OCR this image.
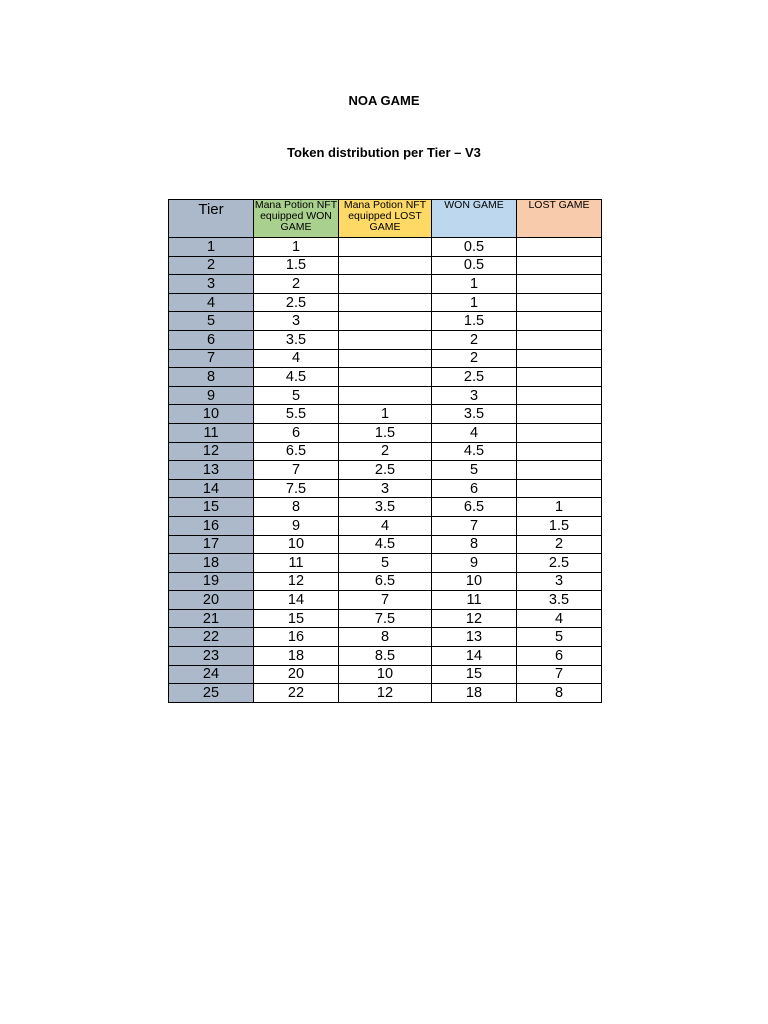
NOA GAME
Token distribution per Tier – V3
Tier	Mana Potion NFT equipped WON GAME	Mana Potion NFT equipped LOST GAME	WON GAME	LOST GAME
1	1		0.5	
2	1.5		0.5	
3	2		1	
4	2.5		1	
5	3		1.5	
6	3.5		2	
7	4		2	
8	4.5		2.5	
9	5		3	
10	5.5	1	3.5	
11	6	1.5	4	
12	6.5	2	4.5	
13	7	2.5	5	
14	7.5	3	6	
15	8	3.5	6.5	1
16	9	4	7	1.5
17	10	4.5	8	2
18	11	5	9	2.5
19	12	6.5	10	3
20	14	7	11	3.5
21	15	7.5	12	4
22	16	8	13	5
23	18	8.5	14	6
24	20	10	15	7
25	22	12	18	8
